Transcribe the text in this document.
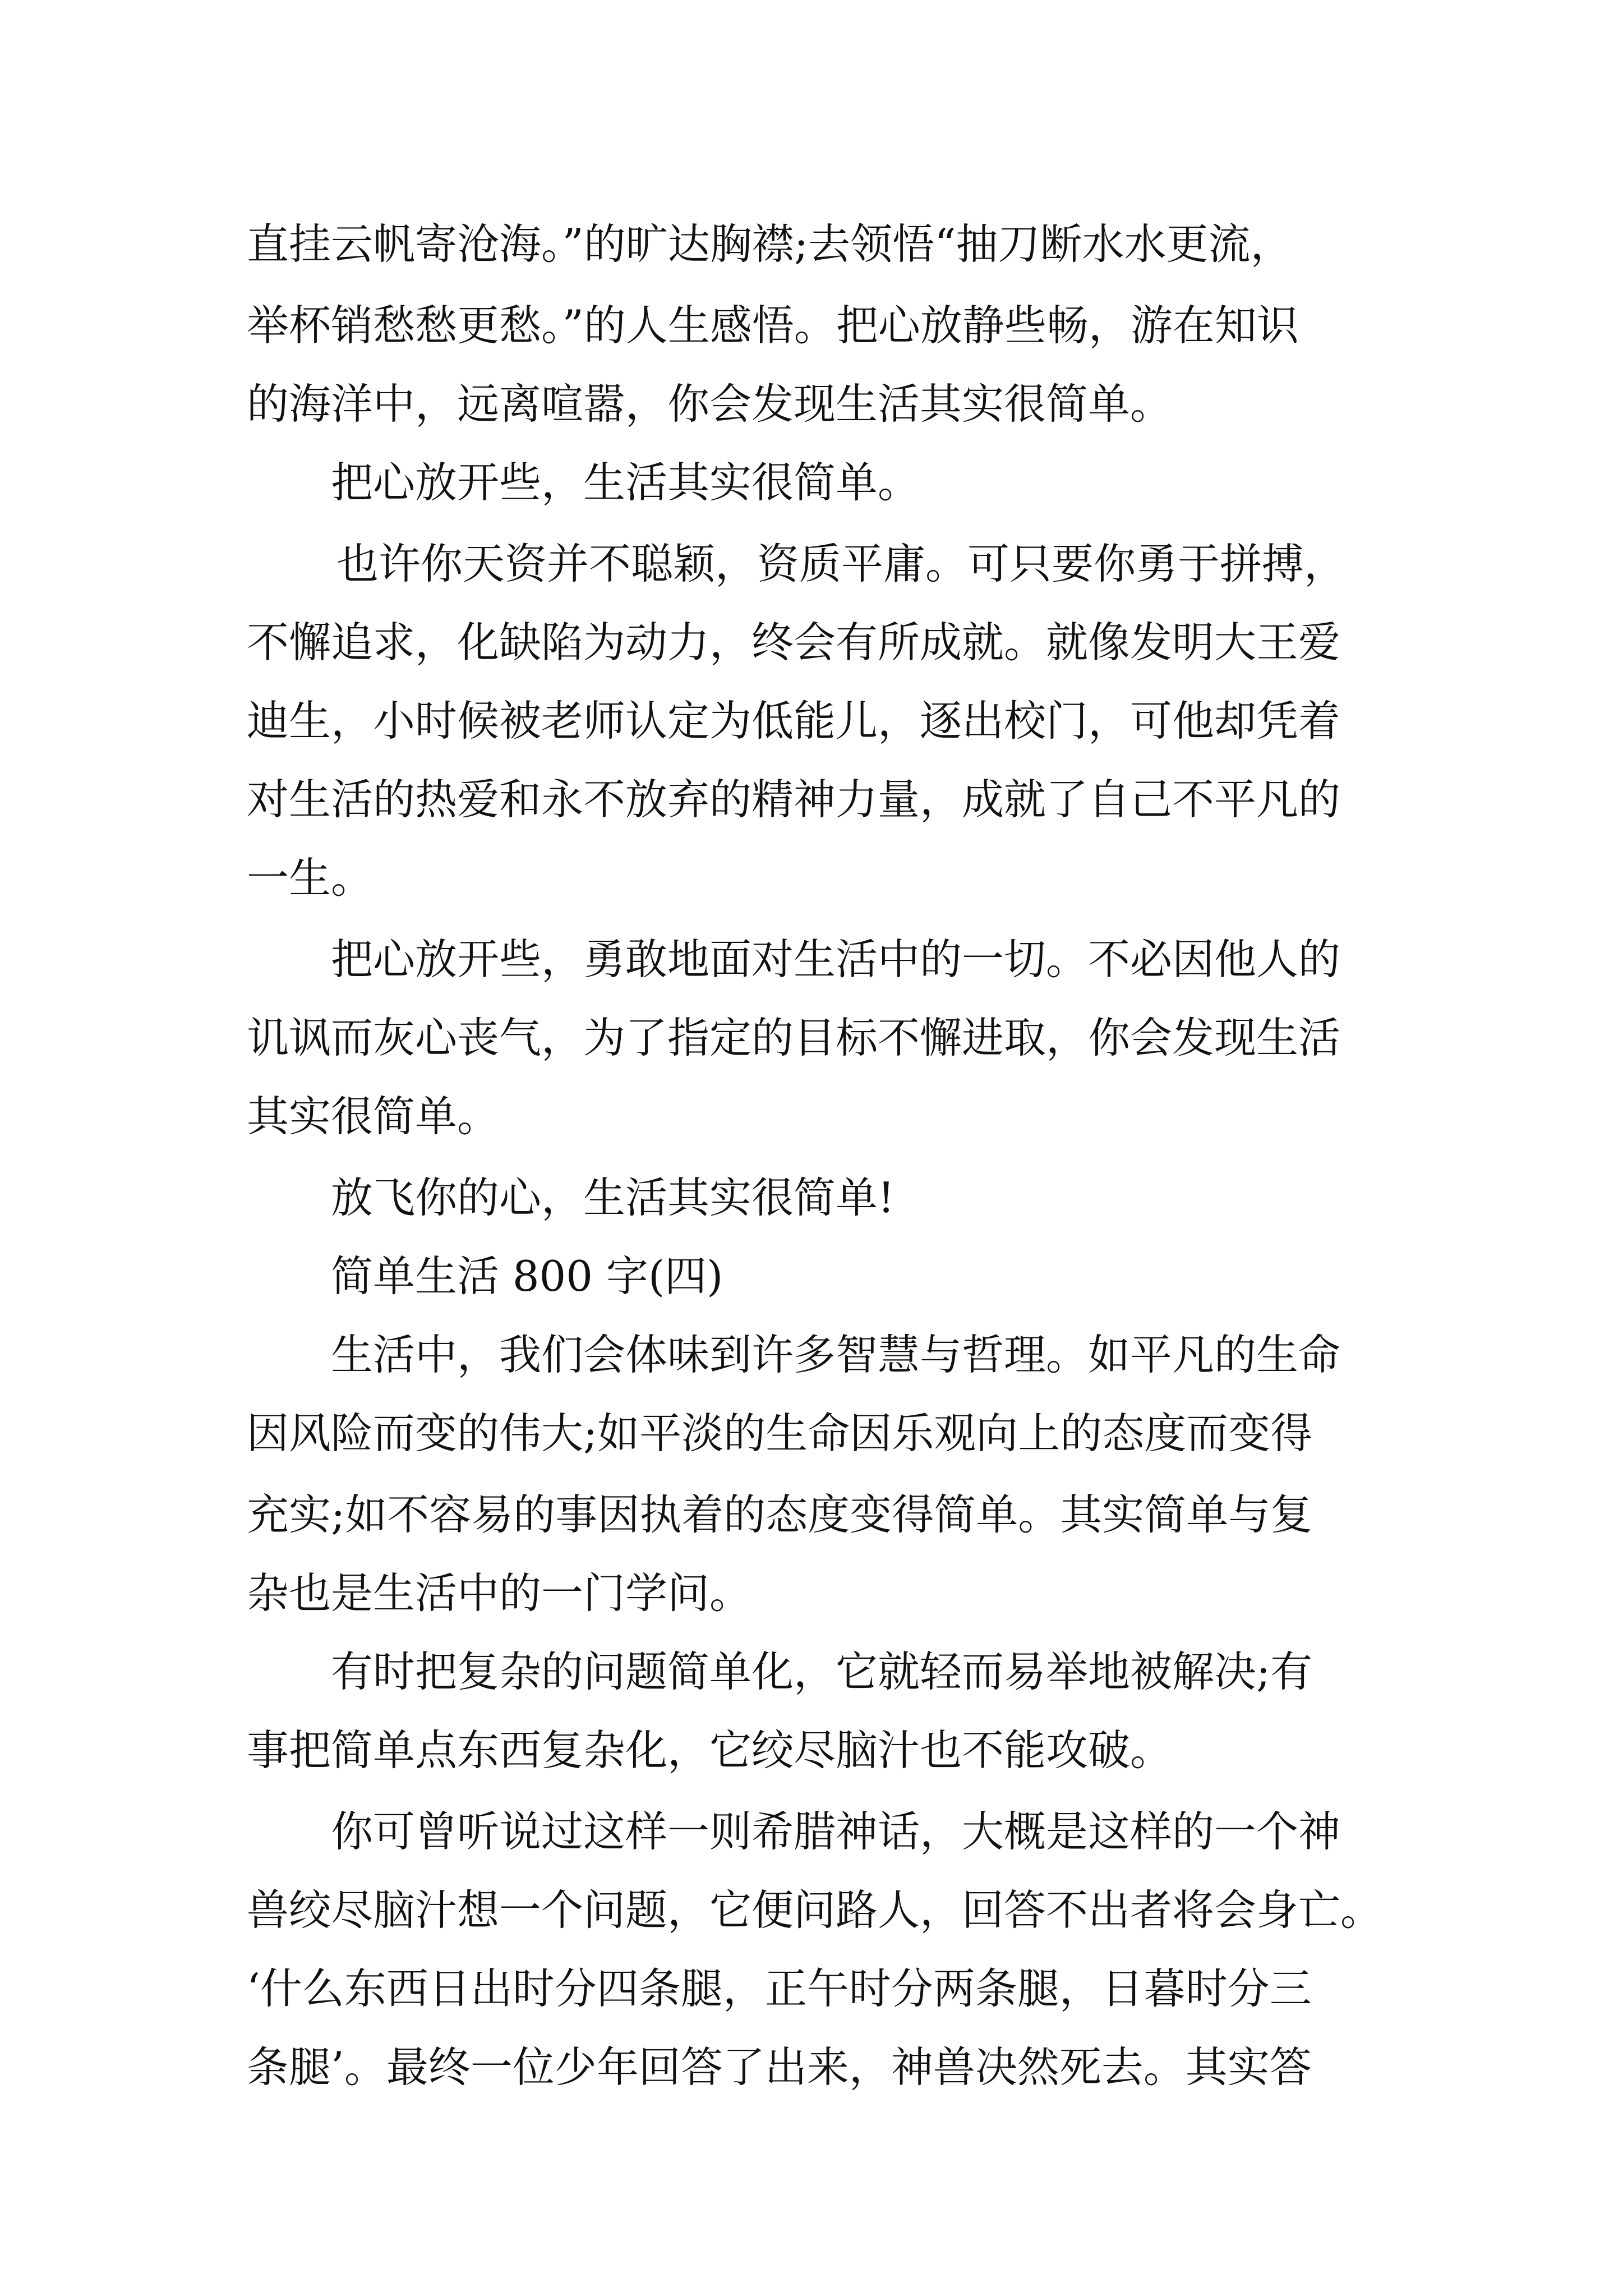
直挂云帆寄沧海。”的旷达胸襟;去领悟“抽刀断水水更流，

举杯销愁愁更愁。”的人生感悟。把心放静些畅，游在知识

的海洋中，远离喧嚣，你会发现生活其实很简单。

把心放开些，生活其实很简单。

也许你天资并不聪颖，资质平庸。可只要你勇于拼搏，

不懈追求，化缺陷为动力，终会有所成就。就像发明大王爱

迪生，小时候被老师认定为低能儿，逐出校门，可他却凭着

对生活的热爱和永不放弃的精神力量，成就了自己不平凡的

一生。

把心放开些，勇敢地面对生活中的一切。不必因他人的

讥讽而灰心丧气，为了指定的目标不懈进取，你会发现生活

其实很简单。

放飞你的心，生活其实很简单!

简单生活 800 字(四)

生活中，我们会体味到许多智慧与哲理。如平凡的生命

因风险而变的伟大;如平淡的生命因乐观向上的态度而变得

充实;如不容易的事因执着的态度变得简单。其实简单与复

杂也是生活中的一门学问。

有时把复杂的问题简单化，它就轻而易举地被解决;有

事把简单点东西复杂化，它绞尽脑汁也不能攻破。

你可曾听说过这样一则希腊神话，大概是这样的一个神

兽绞尽脑汁想一个问题，它便问路人，回答不出者将会身亡。

‘什么东西日出时分四条腿，正午时分两条腿，日暮时分三

条腿’。最终一位少年回答了出来，神兽决然死去。其实答
